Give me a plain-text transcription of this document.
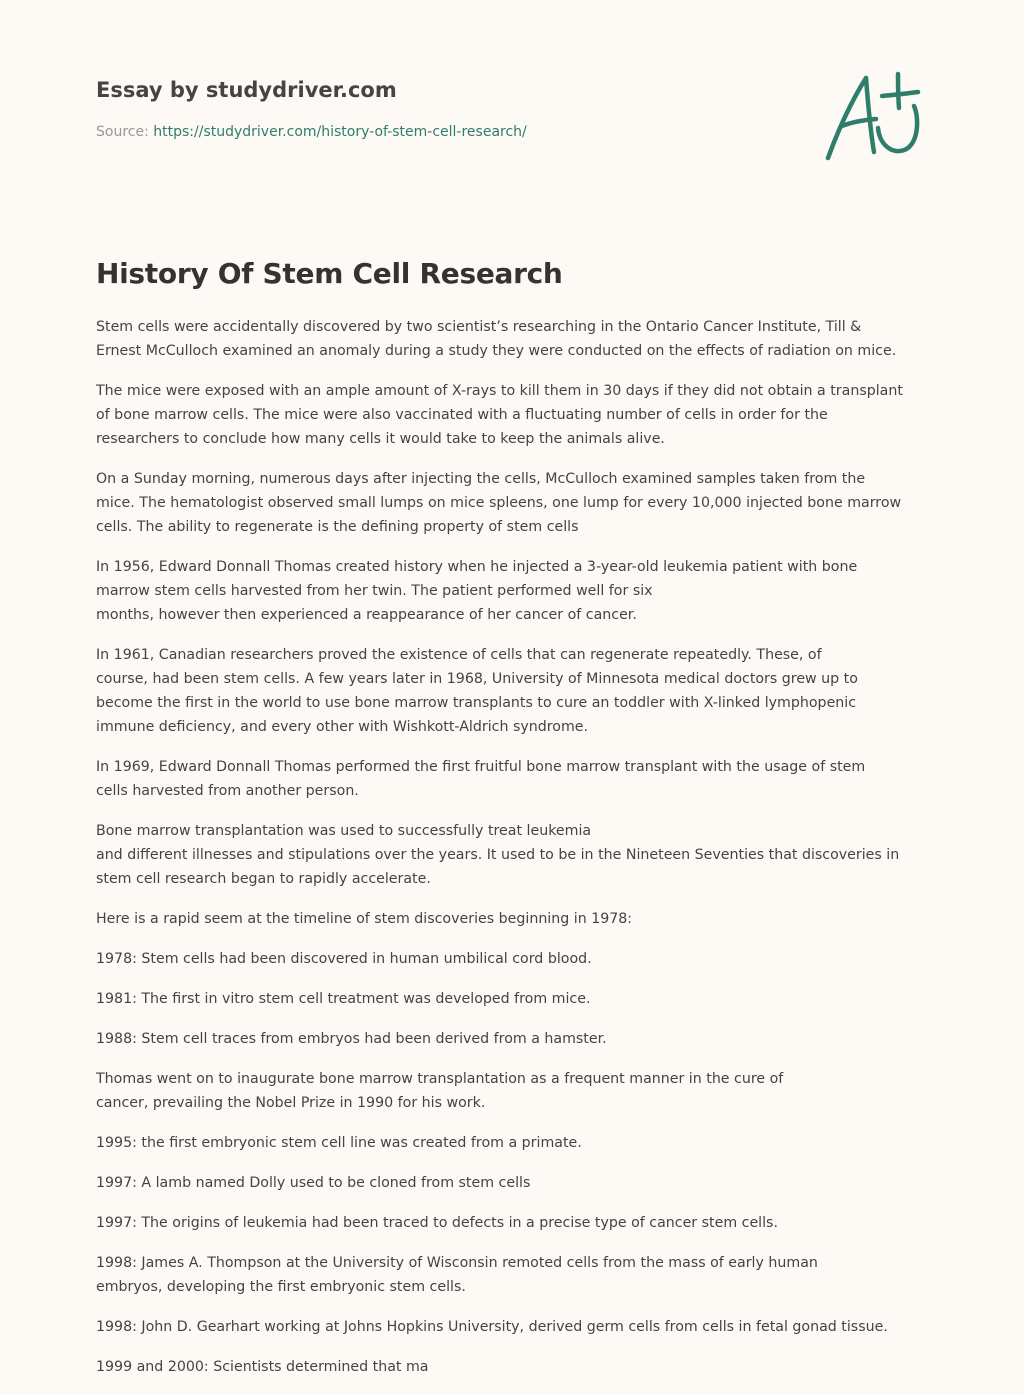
Essay by studydriver.com
Source: https://studydriver.com/history-of-stem-cell-research/
History Of Stem Cell Research

Stem cells were accidentally discovered by two scientist’s researching in the Ontario Cancer Institute, Till &
Ernest McCulloch examined an anomaly during a study they were conducted on the effects of radiation on mice.

The mice were exposed with an ample amount of X-rays to kill them in 30 days if they did not obtain a transplant
of bone marrow cells. The mice were also vaccinated with a fluctuating number of cells in order for the
researchers to conclude how many cells it would take to keep the animals alive.

On a Sunday morning, numerous days after injecting the cells, McCulloch examined samples taken from the
mice. The hematologist observed small lumps on mice spleens, one lump for every 10,000 injected bone marrow
cells. The ability to regenerate is the defining property of stem cells

In 1956, Edward Donnall Thomas created history when he injected a 3-year-old leukemia patient with bone
marrow stem cells harvested from her twin. The patient performed well for six
months, however then experienced a reappearance of her cancer of cancer.

In 1961, Canadian researchers proved the existence of cells that can regenerate repeatedly. These, of
course, had been stem cells. A few years later in 1968, University of Minnesota medical doctors grew up to
become the first in the world to use bone marrow transplants to cure an toddler with X-linked lymphopenic
immune deficiency, and every other with Wishkott-Aldrich syndrome.

In 1969, Edward Donnall Thomas performed the first fruitful bone marrow transplant with the usage of stem
cells harvested from another person.

Bone marrow transplantation was used to successfully treat leukemia
and different illnesses and stipulations over the years. It used to be in the Nineteen Seventies that discoveries in
stem cell research began to rapidly accelerate.

Here is a rapid seem at the timeline of stem discoveries beginning in 1978:

1978: Stem cells had been discovered in human umbilical cord blood.

1981: The first in vitro stem cell treatment was developed from mice.

1988: Stem cell traces from embryos had been derived from a hamster.

Thomas went on to inaugurate bone marrow transplantation as a frequent manner in the cure of
cancer, prevailing the Nobel Prize in 1990 for his work.

1995: the first embryonic stem cell line was created from a primate.

1997: A lamb named Dolly used to be cloned from stem cells

1997: The origins of leukemia had been traced to defects in a precise type of cancer stem cells.

1998: James A. Thompson at the University of Wisconsin remoted cells from the mass of early human
embryos, developing the first embryonic stem cells.

1998: John D. Gearhart working at Johns Hopkins University, derived germ cells from cells in fetal gonad tissue.

1999 and 2000: Scientists determined that ma
